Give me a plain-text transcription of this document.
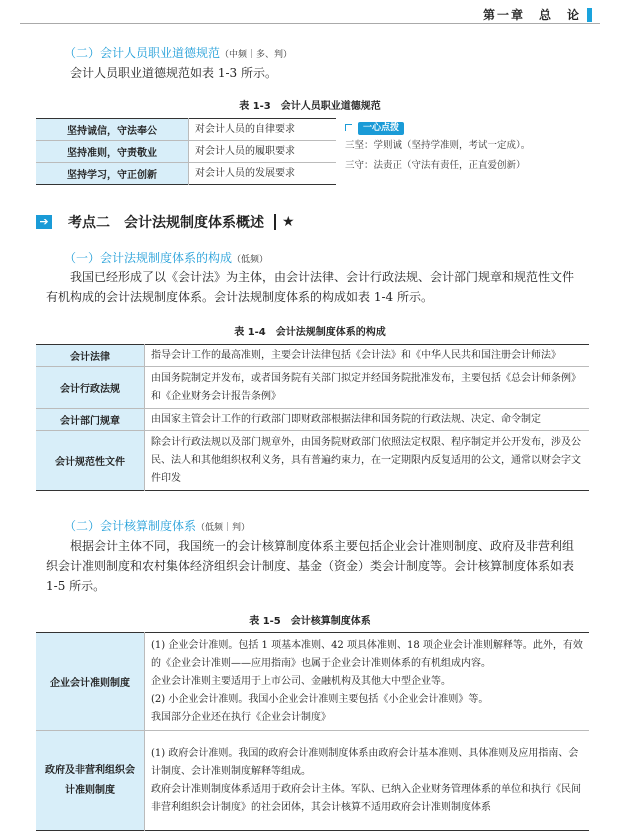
第一章　总　论
（二）会计人员职业道德规范（中频｜多、判）

会计人员职业道德规范如表 1-3 所示。

表 1-3　会计人员职业道德规范
坚持诚信，守法奉公	对会计人员的自律要求
坚持准则，守责敬业	对会计人员的履职要求
坚持学习，守正创新	对会计人员的发展要求
一心点拨
三坚：学则诚（坚持学准则，考试一定成）。
三守：法责正（守法有责任，正直爱创新）
➔ 考点二　会计法规制度体系概述 ★
（一）会计法规制度体系的构成（低频）

我国已经形成了以《会计法》为主体，由会计法律、会计行政法规、会计部门规章和规范性文件有机构成的会计法规制度体系。会计法规制度体系的构成如表 1-4 所示。

表 1-4　会计法规制度体系的构成
会计法律	指导会计工作的最高准则，主要会计法律包括《会计法》和《中华人民共和国注册会计师法》
会计行政法规	由国务院制定并发布，或者国务院有关部门拟定并经国务院批准发布，主要包括《总会计师条例》和《企业财务会计报告条例》
会计部门规章	由国家主管会计工作的行政部门即财政部根据法律和国务院的行政法规、决定、命令制定
会计规范性文件	除会计行政法规以及部门规章外，由国务院财政部门依照法定权限、程序制定并公开发布，涉及公民、法人和其他组织权利义务，具有普遍约束力，在一定期限内反复适用的公文，通常以财会字文件印发
（二）会计核算制度体系（低频｜判）

根据会计主体不同，我国统一的会计核算制度体系主要包括企业会计准则制度、政府及非营利组织会计准则制度和农村集体经济组织会计制度、基金（资金）类会计制度等。会计核算制度体系如表 1-5 所示。

表 1-5　会计核算制度体系
企业会计准则制度	(1) 企业会计准则。包括 1 项基本准则、42 项具体准则、18 项企业会计准则解释等。此外，有效的《企业会计准则——应用指南》也属于企业会计准则体系的有机组成内容。
企业会计准则主要适用于上市公司、金融机构及其他大中型企业等。
(2) 小企业会计准则。我国小企业会计准则主要包括《小企业会计准则》等。
我国部分企业还在执行《企业会计制度》

政府及非营利组织会计准则制度	(1) 政府会计准则。我国的政府会计准则制度体系由政府会计基本准则、具体准则及应用指南、会计制度、会计准则制度解释等组成。
政府会计准则制度体系适用于政府会计主体。军队、已纳入企业财务管理体系的单位和执行《民间非营利组织会计制度》的社会团体，其会计核算不适用政府会计准则制度体系
